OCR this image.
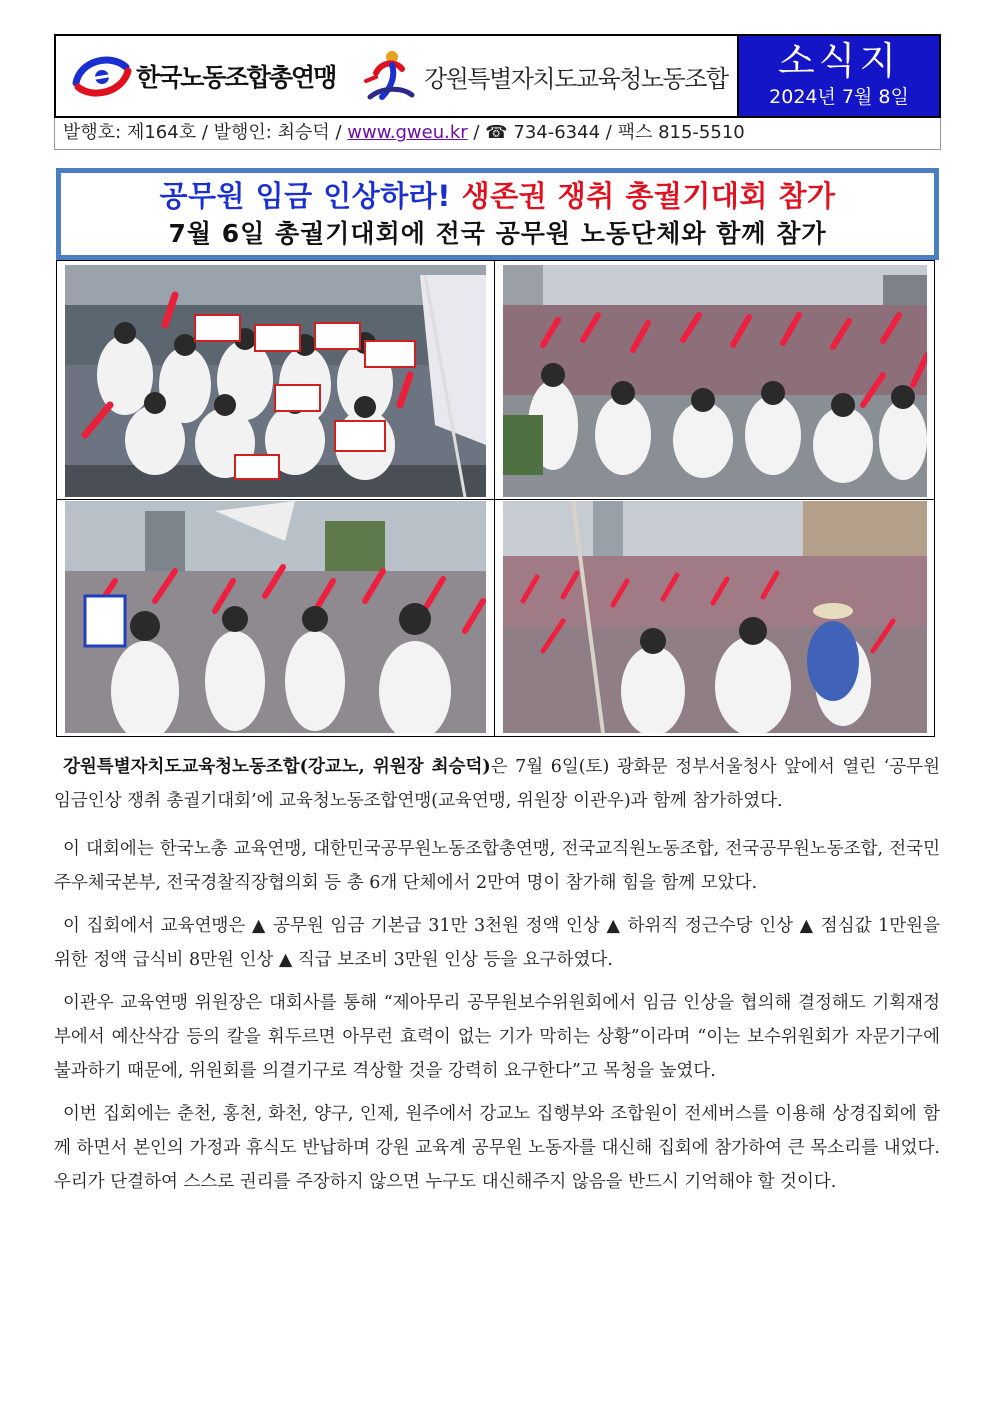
한국노동조합총연맹	강원특별자치도교육청노동조합	소식지
2024년 7월 8일
발행호: 제164호 / 발행인: 최승덕 / www.gweu.kr / ☎ 734-6344 / 팩스 815-5510
공무원 임금 인상하라! 생존권 쟁취 총궐기대회 참가
7월 6일 총궐기대회에 전국 공무원 노동단체와 함께 참가

강원특별자치도교육청노동조합(강교노, 위원장 최승덕)은 7월 6일(토) 광화문 정부서울청사 앞에서 열린 ‘공무원 임금인상 쟁취 총궐기대회’에 교육청노동조합연맹(교육연맹, 위원장 이관우)과 함께 참가하였다.

이 대회에는 한국노총 교육연맹, 대한민국공무원노동조합총연맹, 전국교직원노동조합, 전국공무원노동조합, 전국민주우체국본부, 전국경찰직장협의회 등 총 6개 단체에서 2만여 명이 참가해 힘을 함께 모았다.

이 집회에서 교육연맹은 ▲ 공무원 임금 기본급 31만 3천원 정액 인상 ▲ 하위직 정근수당 인상 ▲ 점심값 1만원을 위한 정액 급식비 8만원 인상 ▲ 직급 보조비 3만원 인상 등을 요구하였다.

이관우 교육연맹 위원장은 대회사를 통해 “제아무리 공무원보수위원회에서 임금 인상을 협의해 결정해도 기획재정부에서 예산삭감 등의 칼을 휘두르면 아무런 효력이 없는 기가 막히는 상황”이라며 “이는 보수위원회가 자문기구에 불과하기 때문에, 위원회를 의결기구로 격상할 것을 강력히 요구한다”고 목청을 높였다.

이번 집회에는 춘천, 홍천, 화천, 양구, 인제, 원주에서 강교노 집행부와 조합원이 전세버스를 이용해 상경집회에 함께 하면서 본인의 가정과 휴식도 반납하며 강원 교육계 공무원 노동자를 대신해 집회에 참가하여 큰 목소리를 내었다. 우리가 단결하여 스스로 권리를 주장하지 않으면 누구도 대신해주지 않음을 반드시 기억해야 할 것이다.
